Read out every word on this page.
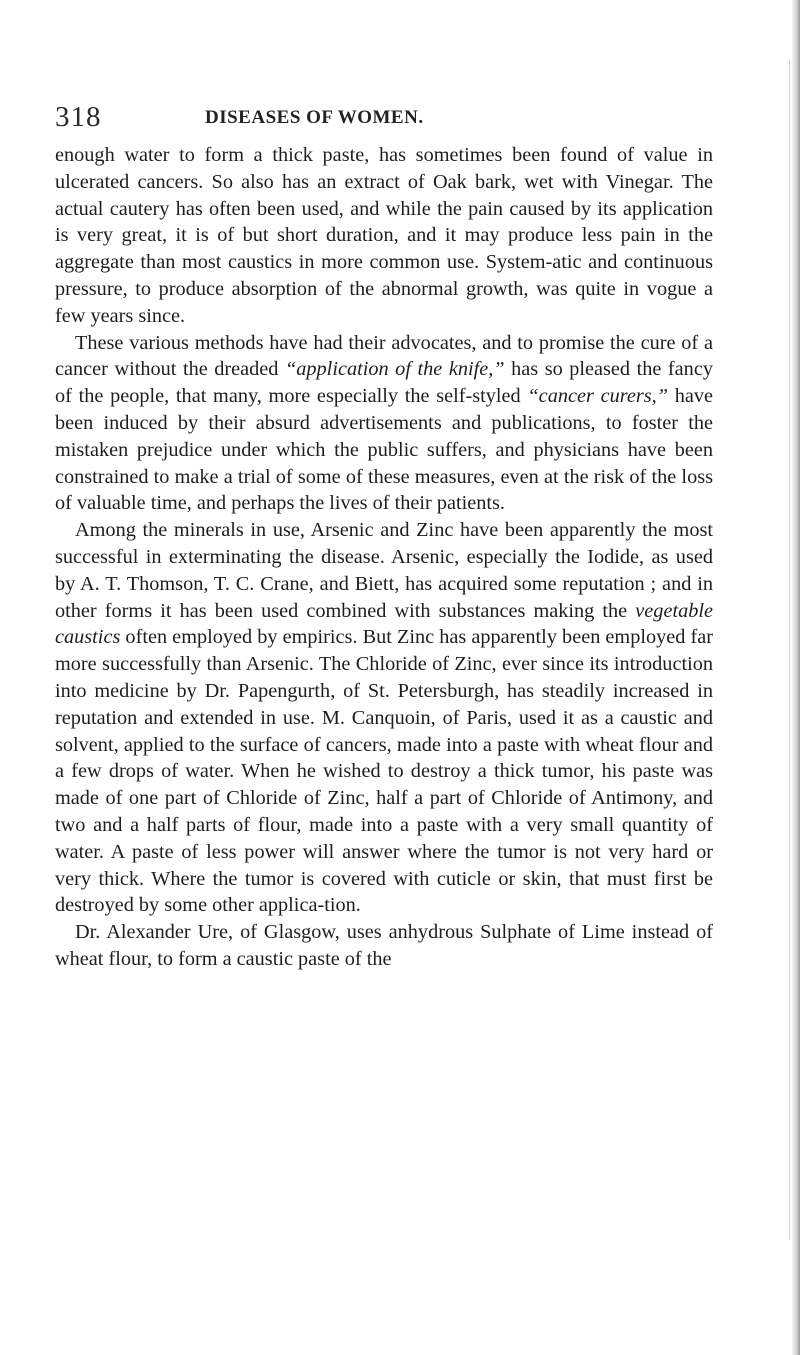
318	DISEASES OF WOMEN.

enough water to form a thick paste, has sometimes been found of value in ulcerated cancers. So also has an extract of Oak bark, wet with Vinegar. The actual cautery has often been used, and while the pain caused by its application is very great, it is of but short duration, and it may produce less pain in the aggregate than most caustics in more common use. System-atic and continuous pressure, to produce absorption of the abnormal growth, was quite in vogue a few years since.

These various methods have had their advocates, and to promise the cure of a cancer without the dreaded “application of the knife,” has so pleased the fancy of the people, that many, more especially the self-styled “cancer curers,” have been induced by their absurd advertisements and publications, to foster the mistaken prejudice under which the public suffers, and physicians have been constrained to make a trial of some of these measures, even at the risk of the loss of valuable time, and perhaps the lives of their patients.

Among the minerals in use, Arsenic and Zinc have been apparently the most successful in exterminating the disease. Arsenic, especially the Iodide, as used by A. T. Thomson, T. C. Crane, and Biett, has acquired some reputation ; and in other forms it has been used combined with substances making the vegetable caustics often employed by empirics. But Zinc has apparently been employed far more successfully than Arsenic. The Chloride of Zinc, ever since its introduction into medicine by Dr. Papengurth, of St. Petersburgh, has steadily increased in reputation and extended in use. M. Canquoin, of Paris, used it as a caustic and solvent, applied to the surface of cancers, made into a paste with wheat flour and a few drops of water. When he wished to destroy a thick tumor, his paste was made of one part of Chloride of Zinc, half a part of Chloride of Antimony, and two and a half parts of flour, made into a paste with a very small quantity of water. A paste of less power will answer where the tumor is not very hard or very thick. Where the tumor is covered with cuticle or skin, that must first be destroyed by some other applica-tion.

Dr. Alexander Ure, of Glasgow, uses anhydrous Sulphate of Lime instead of wheat flour, to form a caustic paste of the
